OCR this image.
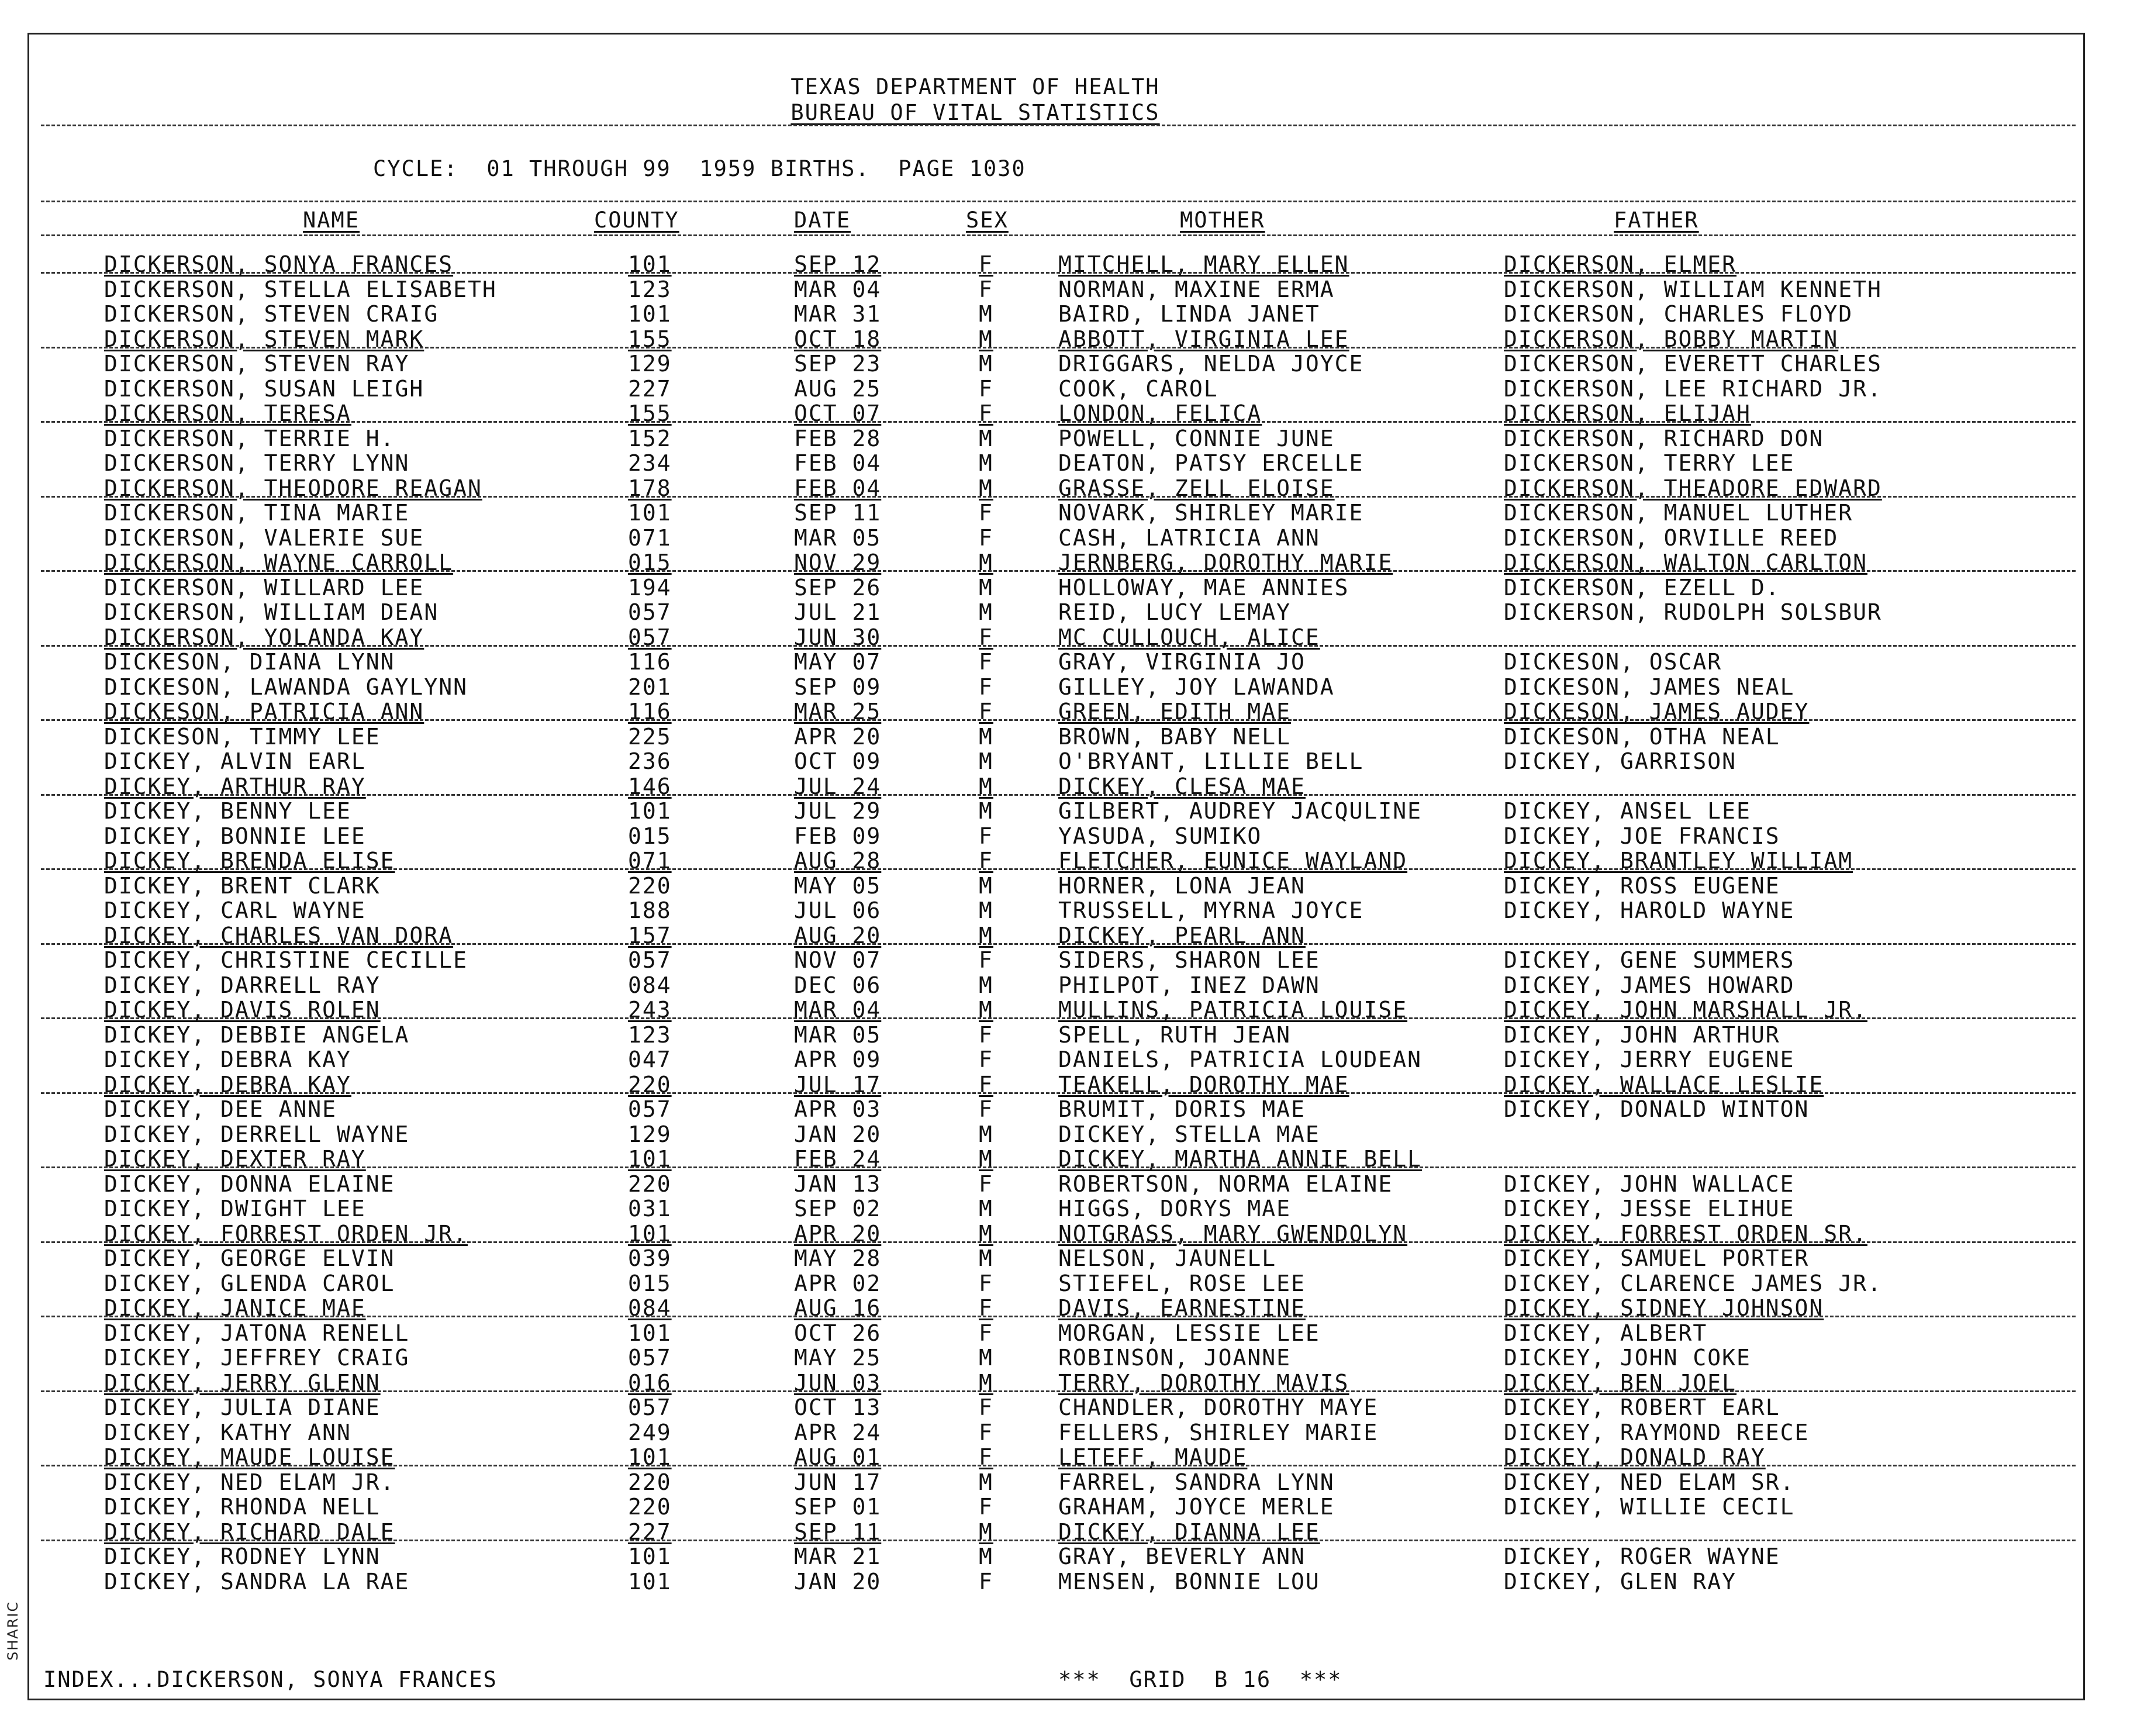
TEXAS DEPARTMENT OF HEALTH
BUREAU OF VITAL STATISTICS
CYCLE:  01 THROUGH 99  1959 BIRTHS.  PAGE 1030
NAME	COUNTY	DATE	SEX	MOTHER	FATHER
DICKERSON, SONYA FRANCES	101	SEP 12	F	MITCHELL, MARY ELLEN	DICKERSON, ELMER
DICKERSON, STELLA ELISABETH	123	MAR 04	F	NORMAN, MAXINE ERMA	DICKERSON, WILLIAM KENNETH
DICKERSON, STEVEN CRAIG	101	MAR 31	M	BAIRD, LINDA JANET	DICKERSON, CHARLES FLOYD
DICKERSON, STEVEN MARK	155	OCT 18	M	ABBOTT, VIRGINIA LEE	DICKERSON, BOBBY MARTIN
DICKERSON, STEVEN RAY	129	SEP 23	M	DRIGGARS, NELDA JOYCE	DICKERSON, EVERETT CHARLES
DICKERSON, SUSAN LEIGH	227	AUG 25	F	COOK, CAROL	DICKERSON, LEE RICHARD JR.
DICKERSON, TERESA	155	OCT 07	F	LONDON, FELICA	DICKERSON, ELIJAH
DICKERSON, TERRIE H.	152	FEB 28	M	POWELL, CONNIE JUNE	DICKERSON, RICHARD DON
DICKERSON, TERRY LYNN	234	FEB 04	M	DEATON, PATSY ERCELLE	DICKERSON, TERRY LEE
DICKERSON, THEODORE REAGAN	178	FEB 04	M	GRASSE, ZELL ELOISE	DICKERSON, THEADORE EDWARD
DICKERSON, TINA MARIE	101	SEP 11	F	NOVARK, SHIRLEY MARIE	DICKERSON, MANUEL LUTHER
DICKERSON, VALERIE SUE	071	MAR 05	F	CASH, LATRICIA ANN	DICKERSON, ORVILLE REED
DICKERSON, WAYNE CARROLL	015	NOV 29	M	JERNBERG, DOROTHY MARIE	DICKERSON, WALTON CARLTON
DICKERSON, WILLARD LEE	194	SEP 26	M	HOLLOWAY, MAE ANNIES	DICKERSON, EZELL D.
DICKERSON, WILLIAM DEAN	057	JUL 21	M	REID, LUCY LEMAY	DICKERSON, RUDOLPH SOLSBUR
DICKERSON, YOLANDA KAY	057	JUN 30	F	MC CULLOUCH, ALICE
DICKESON, DIANA LYNN	116	MAY 07	F	GRAY, VIRGINIA JO	DICKESON, OSCAR
DICKESON, LAWANDA GAYLYNN	201	SEP 09	F	GILLEY, JOY LAWANDA	DICKESON, JAMES NEAL
DICKESON, PATRICIA ANN	116	MAR 25	F	GREEN, EDITH MAE	DICKESON, JAMES AUDEY
DICKESON, TIMMY LEE	225	APR 20	M	BROWN, BABY NELL	DICKESON, OTHA NEAL
DICKEY, ALVIN EARL	236	OCT 09	M	O'BRYANT, LILLIE BELL	DICKEY, GARRISON
DICKEY, ARTHUR RAY	146	JUL 24	M	DICKEY, CLESA MAE
DICKEY, BENNY LEE	101	JUL 29	M	GILBERT, AUDREY JACQULINE	DICKEY, ANSEL LEE
DICKEY, BONNIE LEE	015	FEB 09	F	YASUDA, SUMIKO	DICKEY, JOE FRANCIS
DICKEY, BRENDA ELISE	071	AUG 28	F	FLETCHER, EUNICE WAYLAND	DICKEY, BRANTLEY WILLIAM
DICKEY, BRENT CLARK	220	MAY 05	M	HORNER, LONA JEAN	DICKEY, ROSS EUGENE
DICKEY, CARL WAYNE	188	JUL 06	M	TRUSSELL, MYRNA JOYCE	DICKEY, HAROLD WAYNE
DICKEY, CHARLES VAN DORA	157	AUG 20	M	DICKEY, PEARL ANN
DICKEY, CHRISTINE CECILLE	057	NOV 07	F	SIDERS, SHARON LEE	DICKEY, GENE SUMMERS
DICKEY, DARRELL RAY	084	DEC 06	M	PHILPOT, INEZ DAWN	DICKEY, JAMES HOWARD
DICKEY, DAVIS ROLEN	243	MAR 04	M	MULLINS, PATRICIA LOUISE	DICKEY, JOHN MARSHALL JR.
DICKEY, DEBBIE ANGELA	123	MAR 05	F	SPELL, RUTH JEAN	DICKEY, JOHN ARTHUR
DICKEY, DEBRA KAY	047	APR 09	F	DANIELS, PATRICIA LOUDEAN	DICKEY, JERRY EUGENE
DICKEY, DEBRA KAY	220	JUL 17	F	TEAKELL, DOROTHY MAE	DICKEY, WALLACE LESLIE
DICKEY, DEE ANNE	057	APR 03	F	BRUMIT, DORIS MAE	DICKEY, DONALD WINTON
DICKEY, DERRELL WAYNE	129	JAN 20	M	DICKEY, STELLA MAE
DICKEY, DEXTER RAY	101	FEB 24	M	DICKEY, MARTHA ANNIE BELL
DICKEY, DONNA ELAINE	220	JAN 13	F	ROBERTSON, NORMA ELAINE	DICKEY, JOHN WALLACE
DICKEY, DWIGHT LEE	031	SEP 02	M	HIGGS, DORYS MAE	DICKEY, JESSE ELIHUE
DICKEY, FORREST ORDEN JR.	101	APR 20	M	NOTGRASS, MARY GWENDOLYN	DICKEY, FORREST ORDEN SR.
DICKEY, GEORGE ELVIN	039	MAY 28	M	NELSON, JAUNELL	DICKEY, SAMUEL PORTER
DICKEY, GLENDA CAROL	015	APR 02	F	STIEFEL, ROSE LEE	DICKEY, CLARENCE JAMES JR.
DICKEY, JANICE MAE	084	AUG 16	F	DAVIS, EARNESTINE	DICKEY, SIDNEY JOHNSON
DICKEY, JATONA RENELL	101	OCT 26	F	MORGAN, LESSIE LEE	DICKEY, ALBERT
DICKEY, JEFFREY CRAIG	057	MAY 25	M	ROBINSON, JOANNE	DICKEY, JOHN COKE
DICKEY, JERRY GLENN	016	JUN 03	M	TERRY, DOROTHY MAVIS	DICKEY, BEN JOEL
DICKEY, JULIA DIANE	057	OCT 13	F	CHANDLER, DOROTHY MAYE	DICKEY, ROBERT EARL
DICKEY, KATHY ANN	249	APR 24	F	FELLERS, SHIRLEY MARIE	DICKEY, RAYMOND REECE
DICKEY, MAUDE LOUISE	101	AUG 01	F	LETEFF, MAUDE	DICKEY, DONALD RAY
DICKEY, NED ELAM JR.	220	JUN 17	M	FARREL, SANDRA LYNN	DICKEY, NED ELAM SR.
DICKEY, RHONDA NELL	220	SEP 01	F	GRAHAM, JOYCE MERLE	DICKEY, WILLIE CECIL
DICKEY, RICHARD DALE	227	SEP 11	M	DICKEY, DIANNA LEE
DICKEY, RODNEY LYNN	101	MAR 21	M	GRAY, BEVERLY ANN	DICKEY, ROGER WAYNE
DICKEY, SANDRA LA RAE	101	JAN 20	F	MENSEN, BONNIE LOU	DICKEY, GLEN RAY
INDEX...DICKERSON, SONYA FRANCES	***  GRID  B 16  ***
SHARIC
